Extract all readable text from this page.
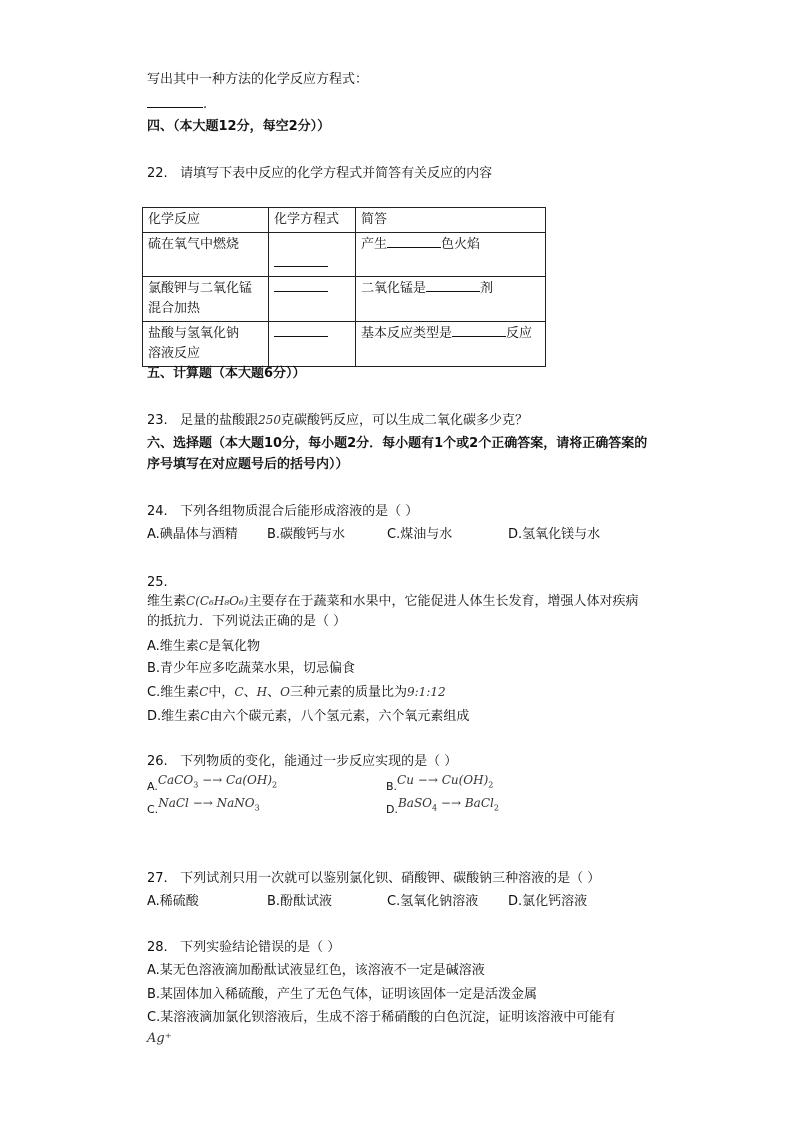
写出其中一种方法的化学反应方程式：
.
四、（本大题12分，每空2分））
22. 请填写下表中反应的化学方程式并简答有关反应的内容
化学反应	化学方程式	简答
硫在氧气中燃烧		产生 色火焰
氯酸钾与二氧化锰
混合加热		二氧化锰是 剂
盐酸与氢氧化钠
溶液反应		基本反应类型是 反应
五、计算题（本大题6分））
23. 足量的盐酸跟250克碳酸钙反应，可以生成二氧化碳多少克？
六、选择题（本大题10分，每小题2分．每小题有1个或2个正确答案，请将正确答案的
序号填写在对应题号后的括号内））
24. 下列各组物质混合后能形成溶液的是（ ）
A.碘晶体与酒精 B.碳酸钙与水	C.煤油与水	D.氢氧化镁与水
25.
维生素C(C₆H₈O₆)主要存在于蔬菜和水果中，它能促进人体生长发育，增强人体对疾病
的抵抗力．下列说法正确的是（ ）
A.维生素C是氧化物
B.青少年应多吃蔬菜水果，切忌偏食
C.维生素C中，C、H、O三种元素的质量比为9:1:12
D.维生素C由六个碳元素，八个氢元素，六个氧元素组成
26. 下列物质的变化，能通过一步反应实现的是（ ）
A.CaCO$_3$ −→ $Ca(OH)_2$	$B.Cu -\to Cu(OH)_2$
C.NaCl −→ NaNO$_3$	D.BaSO$_4$ −→ BaCl$_2$
27. 下列试剂只用一次就可以鉴别氯化钡、硝酸钾、碳酸钠三种溶液的是（ ）
A.稀硫酸	B.酚酞试液	C.氢氧化钠溶液 D.氯化钙溶液
28. 下列实验结论错误的是（ ）
A.某无色溶液滴加酚酞试液显红色，该溶液不一定是碱溶液
B.某固体加入稀硫酸，产生了无色气体，证明该固体一定是活泼金属
C.某溶液滴加氯化钡溶液后，生成不溶于稀硝酸的白色沉淀，证明该溶液中可能有
Ag⁺
